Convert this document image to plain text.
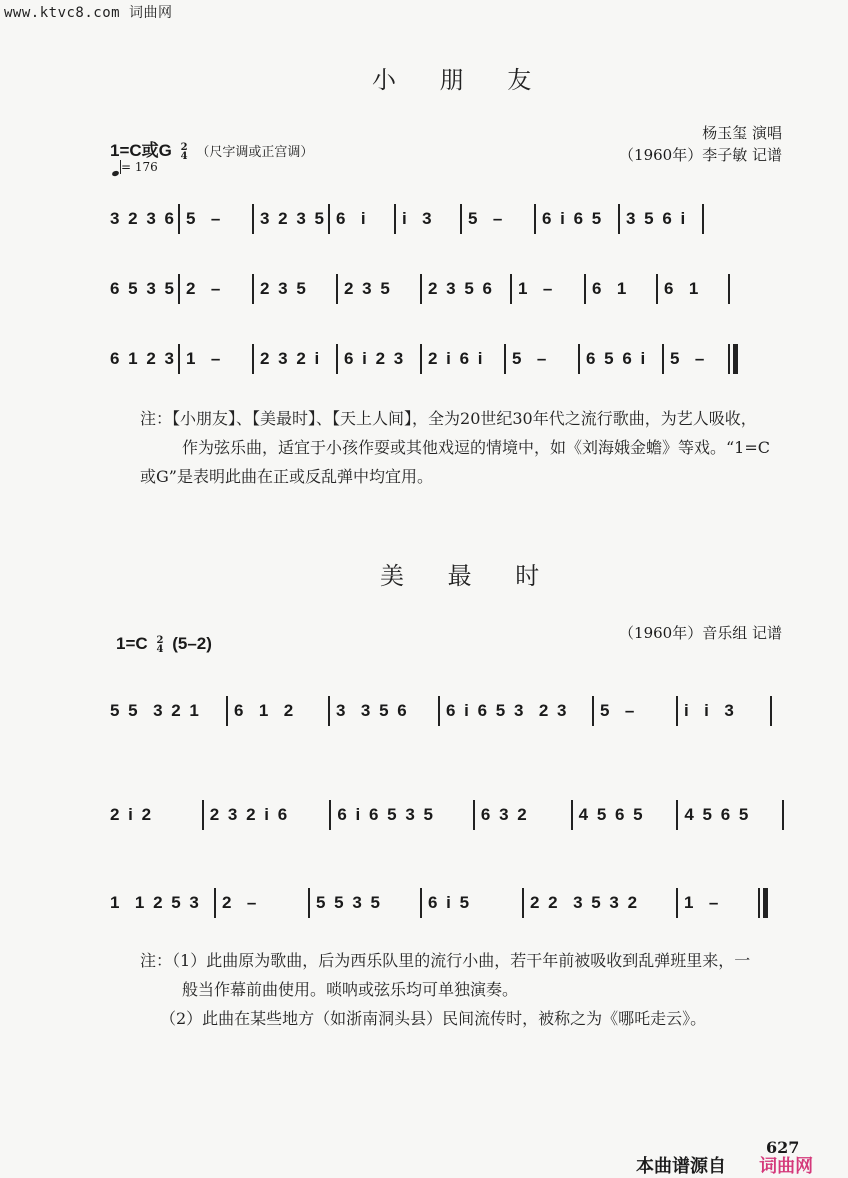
www.ktvc8.com 词曲网
小 朋 友
1=C或G 2
4 （尺字调或正宫调）
= 176
杨玉玺 演唱
（1960年）李子敏 记谱
3 2 3 6 5  –	3 2 3 5 6  i	i  3	5  –	6 i 6 5	3 5 6 i
6 5 3 5 2  –	2 3 5	2 3 5	2 3 5 6	1  –	6  1	6  1
6 1 2 3 1  –	2 3 2 i	6 i 2 3	2 i 6 i	5  –	6 5 6 i	5  –
注：【小朋友】、【美最时】、【天上人间】，全为20世纪30年代之流行歌曲，为艺人吸收，
作为弦乐曲，适宜于小孩作耍或其他戏逗的情境中，如《刘海娥金蟾》等戏。“1=C
或G”是表明此曲在正或反乱弹中均宜用。
美 最 时
（1960年）音乐组 记谱
1=C 2
4 (5–2)
5 5  3 2 1	6  1  2	3  3 5 6	6 i 6 5 3  2 3	5  –	i  i  3
2 i 2	2 3 2 i 6	6 i 6 5 3 5	6 3 2	4 5 6 5	4 5 6 5
1  1 2 5 3	2  –	5 5 3 5	6 i 5	2 2  3 5 3 2	1  –
注：（1）此曲原为歌曲，后为西乐队里的流行小曲，若干年前被吸收到乱弹班里来，一
般当作幕前曲使用。唢呐或弦乐均可单独演奏。
（2）此曲在某些地方（如浙南洞头县）民间流传时，被称之为《哪吒走云》。
627
本曲谱源自 词曲网
